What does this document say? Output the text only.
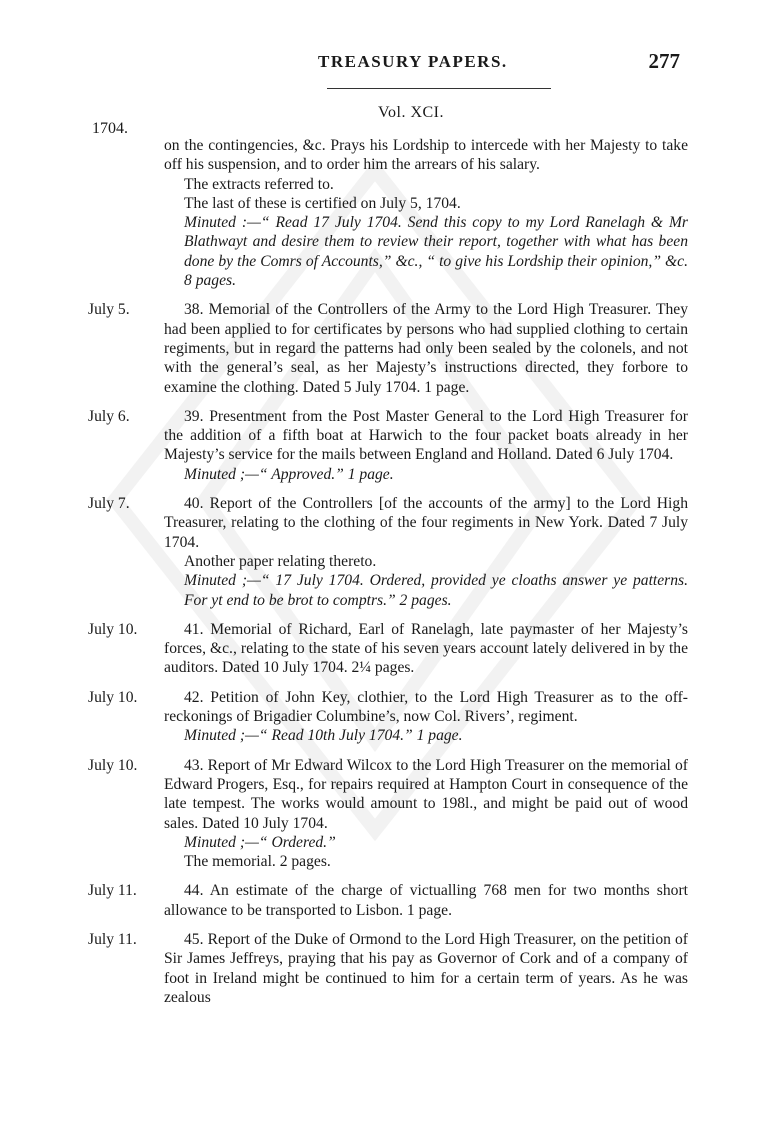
TREASURY PAPERS.	277
Vol. XCI.
1704.
on the contingencies, &c. Prays his Lordship to intercede with her Majesty to take off his suspension, and to order him the arrears of his salary.
The extracts referred to.
The last of these is certified on July 5, 1704.
Minuted :—“ Read 17 July 1704. Send this copy to my Lord Ranelagh & Mr Blathwayt and desire them to review their report, together with what has been done by the Comrs of Accounts,” &c., “ to give his Lordship their opinion,” &c. 8 pages.
July 5.	38. Memorial of the Controllers of the Army to the Lord High Treasurer. They had been applied to for certificates by persons who had supplied clothing to certain regiments, but in regard the patterns had only been sealed by the colonels, and not with the general’s seal, as her Majesty’s instructions directed, they forbore to examine the clothing. Dated 5 July 1704. 1 page.
July 6.	39. Presentment from the Post Master General to the Lord High Treasurer for the addition of a fifth boat at Harwich to the four packet boats already in her Majesty’s service for the mails between England and Holland. Dated 6 July 1704.
Minuted ;—“ Approved.” 1 page.
July 7.	40. Report of the Controllers [of the accounts of the army] to the Lord High Treasurer, relating to the clothing of the four regiments in New York. Dated 7 July 1704.
Another paper relating thereto.
Minuted ;—“ 17 July 1704. Ordered, provided ye cloaths answer ye patterns. For yt end to be brot to comptrs.” 2 pages.
July 10.	41. Memorial of Richard, Earl of Ranelagh, late paymaster of her Majesty’s forces, &c., relating to the state of his seven years account lately delivered in by the auditors. Dated 10 July 1704. 2¼ pages.
July 10.	42. Petition of John Key, clothier, to the Lord High Treasurer as to the off-reckonings of Brigadier Columbine’s, now Col. Rivers’, regiment.
Minuted ;—“ Read 10th July 1704.” 1 page.
July 10.	43. Report of Mr Edward Wilcox to the Lord High Treasurer on the memorial of Edward Progers, Esq., for repairs required at Hampton Court in consequence of the late tempest. The works would amount to 198l., and might be paid out of wood sales. Dated 10 July 1704.
Minuted ;—“ Ordered.”
The memorial. 2 pages.
July 11.	44. An estimate of the charge of victualling 768 men for two months short allowance to be transported to Lisbon. 1 page.
July 11.	45. Report of the Duke of Ormond to the Lord High Treasurer, on the petition of Sir James Jeffreys, praying that his pay as Governor of Cork and of a company of foot in Ireland might be continued to him for a certain term of years. As he was zealous
